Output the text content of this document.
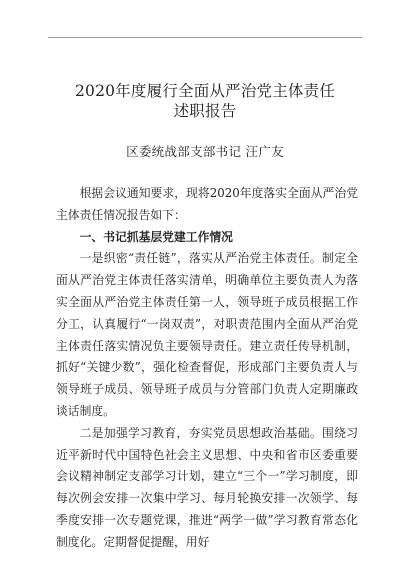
2020年度履行全面从严治党主体责任
述职报告
区委统战部支部书记 汪广友

根据会议通知要求，现将2020年度落实全面从严治党主体责任情况报告如下：

一、书记抓基层党建工作情况

一是织密“责任链”，落实从严治党主体责任。制定全面从严治党主体责任落实清单，明确单位主要负责人为落实全面从严治党主体责任第一人，领导班子成员根据工作分工，认真履行“一岗双责”，对职责范围内全面从严治党主体责任落实情况负主要领导责任。建立责任传导机制，抓好“关键少数”，强化检查督促，形成部门主要负责人与领导班子成员、领导班子成员与分管部门负责人定期廉政谈话制度。

二是加强学习教育，夯实党员思想政治基础。围绕习近平新时代中国特色社会主义思想、中央和省市区委重要会议精神制定支部学习计划，建立“三个一”学习制度，即每次例会安排一次集中学习、每月轮换安排一次领学、每季度安排一次专题党课，推进“两学一做”学习教育常态化制度化。定期督促提醒，用好
